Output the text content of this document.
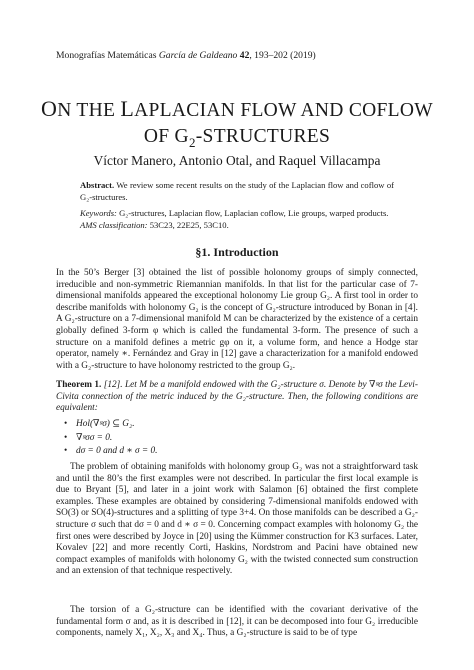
Monografías Matemáticas García de Galdeano 42, 193–202 (2019)
ON THE LAPLACIAN FLOW AND COFLOW
OF $G_2$-STRUCTURES
Víctor Manero, Antonio Otal, and Raquel Villacampa
Abstract. We review some recent results on the study of the Laplacian flow and coflow of G₂-structures.
Keywords: G₂-structures, Laplacian flow, Laplacian coflow, Lie groups, warped products.
AMS classification: 53C23, 22E25, 53C10.
§1. Introduction
In the 50’s Berger [3] obtained the list of possible holonomy groups of simply connected, irreducible and non-symmetric Riemannian manifolds. In that list for the particular case of 7-dimensional manifolds appeared the exceptional holonomy Lie group G₂. A first tool in order to describe manifolds with holonomy G₂ is the concept of G₂-structure introduced by Bonan in [4]. A G₂-structure on a 7-dimensional manifold M can be characterized by the existence of a certain globally defined 3-form φ which is called the fundamental 3-form. The presence of such a structure on a manifold defines a metric gφ on it, a volume form, and hence a Hodge star operator, namely ∗. Fernández and Gray in [12] gave a characterization for a manifold endowed with a G₂-structure to have holonomy restricted to the group G₂.
Theorem 1. [12]. Let M be a manifold endowed with the G₂-structure σ. Denote by ∇ᵍσ the Levi-Civita connection of the metric induced by the G₂-structure. Then, the following conditions are equivalent:
• Hol(∇ᵍσ) ⊆ G₂.
• ∇ᵍσσ = 0.
• dσ = 0 and d ∗ σ = 0.
The problem of obtaining manifolds with holonomy group G₂ was not a straightforward task and until the 80’s the first examples were not described. In particular the first local example is due to Bryant [5], and later in a joint work with Salamon [6] obtained the first complete examples. These examples are obtained by considering 7-dimensional manifolds endowed with SO(3) or SO(4)-structures and a splitting of type 3+4. On those manifolds can be described a G₂-structure σ such that dσ = 0 and d ∗ σ = 0. Concerning compact examples with holonomy G₂ the first ones were described by Joyce in [20] using the Kümmer construction for K3 surfaces. Later, Kovalev [22] and more recently Corti, Haskins, Nordstrom and Pacini have obtained new compact examples of manifolds with holonomy G₂ with the twisted connected sum construction and an extension of that technique respectively.
The torsion of a G₂-structure can be identified with the covariant derivative of the fundamental form σ and, as it is described in [12], it can be decomposed into four G₂ irreducible components, namely X₁, X₂, X₃ and X₄. Thus, a G₂-structure is said to be of type
